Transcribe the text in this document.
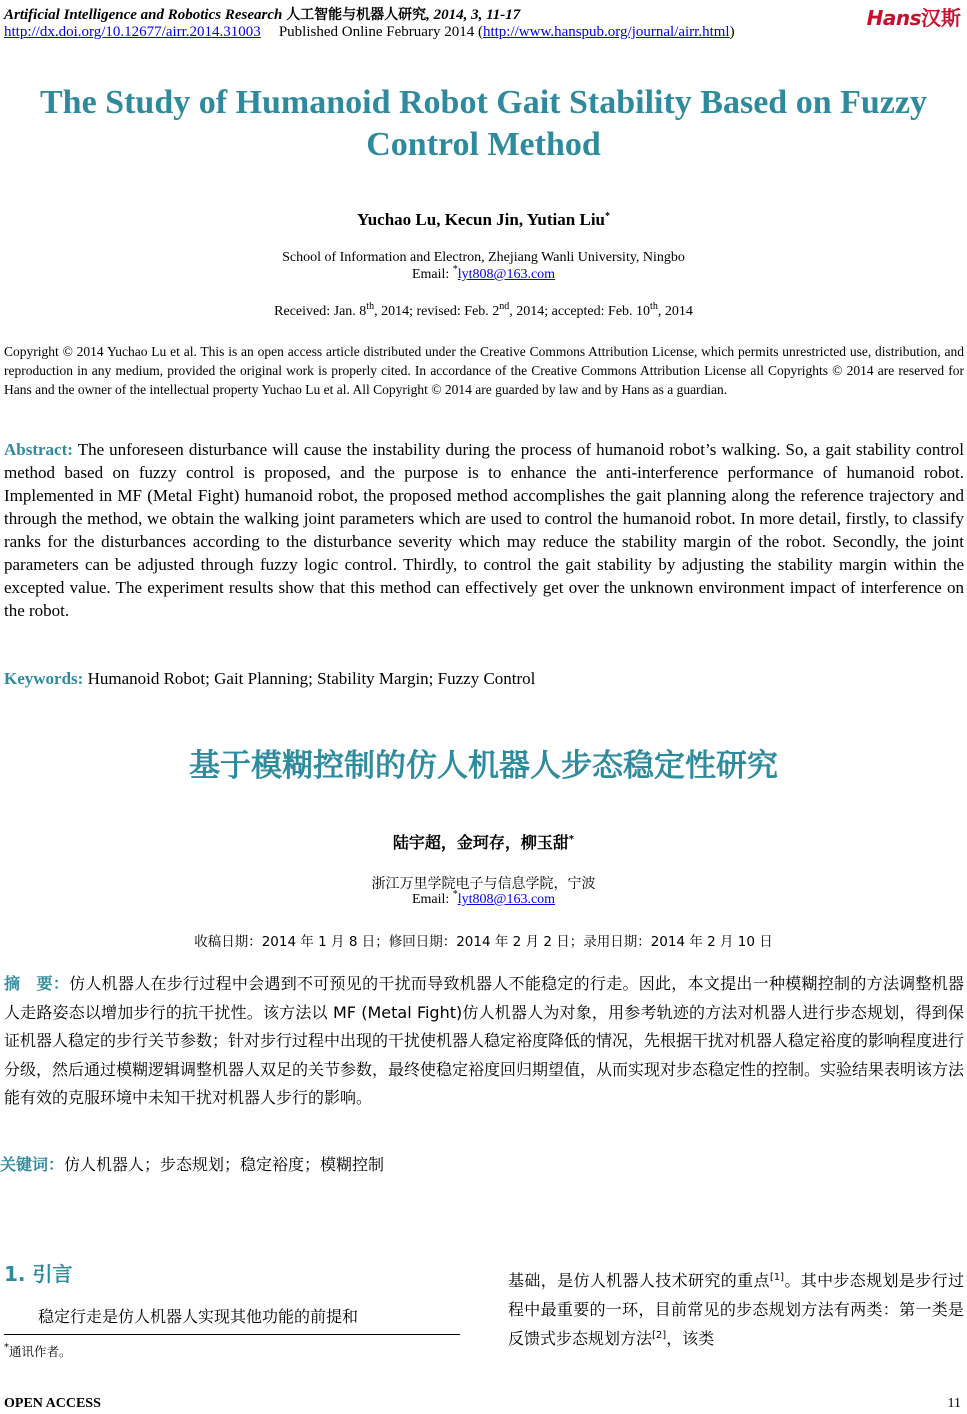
Artificial Intelligence and Robotics Research 人工智能与机器人研究, 2014, 3, 11-17	Hans汉斯
http://dx.doi.org/10.12677/airr.2014.31003 Published Online February 2014 (http://www.hanspub.org/journal/airr.html)
The Study of Humanoid Robot Gait Stability Based on Fuzzy Control Method
Yuchao Lu, Kecun Jin, Yutian Liu*
School of Information and Electron, Zhejiang Wanli University, Ningbo
Email: *lyt808@163.com
Received: Jan. 8th, 2014; revised: Feb. 2nd, 2014; accepted: Feb. 10th, 2014
Copyright © 2014 Yuchao Lu et al. This is an open access article distributed under the Creative Commons Attribution License, which permits unrestricted use, distribution, and reproduction in any medium, provided the original work is properly cited. In accordance of the Creative Commons Attribution License all Copyrights © 2014 are reserved for Hans and the owner of the intellectual property Yuchao Lu et al. All Copyright © 2014 are guarded by law and by Hans as a guardian.
Abstract: The unforeseen disturbance will cause the instability during the process of humanoid robot’s walking. So, a gait stability control method based on fuzzy control is proposed, and the purpose is to enhance the anti-interference performance of humanoid robot. Implemented in MF (Metal Fight) humanoid robot, the proposed method accomplishes the gait planning along the reference trajectory and through the method, we obtain the walking joint parameters which are used to control the humanoid robot. In more detail, firstly, to classify ranks for the disturbances according to the disturbance severity which may reduce the stability margin of the robot. Secondly, the joint parameters can be adjusted through fuzzy logic control. Thirdly, to control the gait stability by adjusting the stability margin within the excepted value. The experiment results show that this method can effectively get over the unknown environment impact of interference on the robot.
Keywords: Humanoid Robot; Gait Planning; Stability Margin; Fuzzy Control
基于模糊控制的仿人机器人步态稳定性研究
陆宇超，金珂存，柳玉甜*
浙江万里学院电子与信息学院，宁波
Email: *lyt808@163.com
收稿日期：2014 年 1 月 8 日；修回日期：2014 年 2 月 2 日；录用日期：2014 年 2 月 10 日
摘　要：仿人机器人在步行过程中会遇到不可预见的干扰而导致机器人不能稳定的行走。因此，本文提出一种模糊控制的方法调整机器人走路姿态以增加步行的抗干扰性。该方法以 MF (Metal Fight)仿人机器人为对象，用参考轨迹的方法对机器人进行步态规划，得到保证机器人稳定的步行关节参数；针对步行过程中出现的干扰使机器人稳定裕度降低的情况，先根据干扰对机器人稳定裕度的影响程度进行分级，然后通过模糊逻辑调整机器人双足的关节参数，最终使稳定裕度回归期望值，从而实现对步态稳定性的控制。实验结果表明该方法能有效的克服环境中未知干扰对机器人步行的影响。
关键词：仿人机器人；步态规划；稳定裕度；模糊控制
1. 引言
稳定行走是仿人机器人实现其他功能的前提和
*通讯作者。
基础，是仿人机器人技术研究的重点[1]。其中步态规划是步行过程中最重要的一环，目前常见的步态规划方法有两类：第一类是反馈式步态规划方法[2]，该类
OPEN ACCESS	11
